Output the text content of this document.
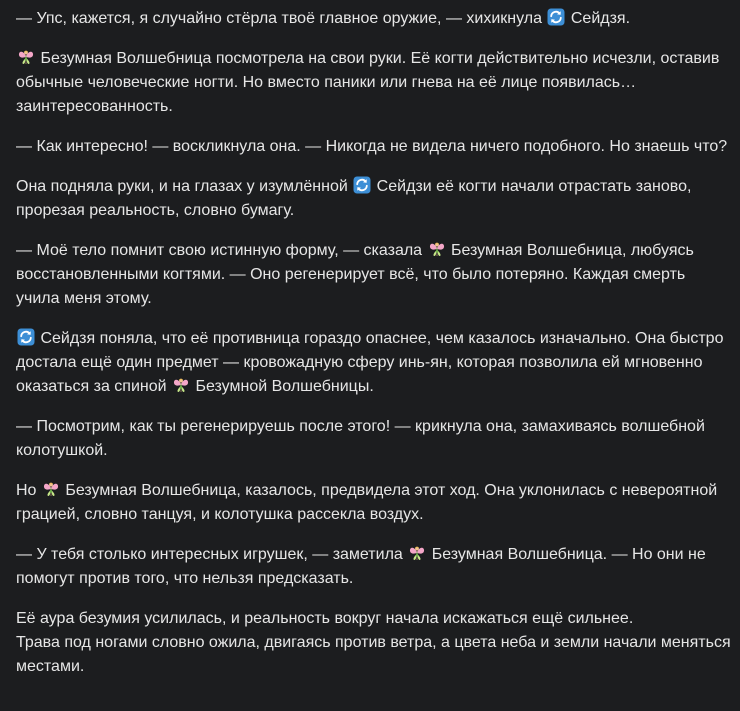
— Упс, кажется, я случайно стёрла твоё главное оружие, — хихикнула
Сейдзя.

Безумная Волшебница посмотрела на свои руки. Её когти действительно исчезли, оставив обычные человеческие ногти. Но вместо паники или гнева на её лице появилась… заинтересованность.

— Как интересно! — воскликнула она. — Никогда не видела ничего подобного. Но знаешь что?

Она подняла руки, и на глазах у изумлённой
Сейдзи её когти начали отрастать заново, прорезая реальность, словно бумагу.

— Моё тело помнит свою истинную форму, — сказала
Безумная Волшебница, любуясь восстановленными когтями. — Оно регенерирует всё, что было потеряно. Каждая смерть учила меня этому.

Сейдзя поняла, что её противница гораздо опаснее, чем казалось изначально. Она быстро достала ещё один предмет — кровожадную сферу инь-ян, которая позволила ей мгновенно оказаться за спиной
Безумной Волшебницы.

— Посмотрим, как ты регенерируешь после этого! — крикнула она, замахиваясь волшебной колотушкой.

Но
Безумная Волшебница, казалось, предвидела этот ход. Она уклонилась с невероятной грацией, словно танцуя, и колотушка рассекла воздух.

— У тебя столько интересных игрушек, — заметила
Безумная Волшебница. — Но они не помогут против того, что нельзя предсказать.

Её аура безумия усилилась, и реальность вокруг начала искажаться ещё сильнее.
Трава под ногами словно ожила, двигаясь против ветра, а цвета неба и земли начали меняться местами.
